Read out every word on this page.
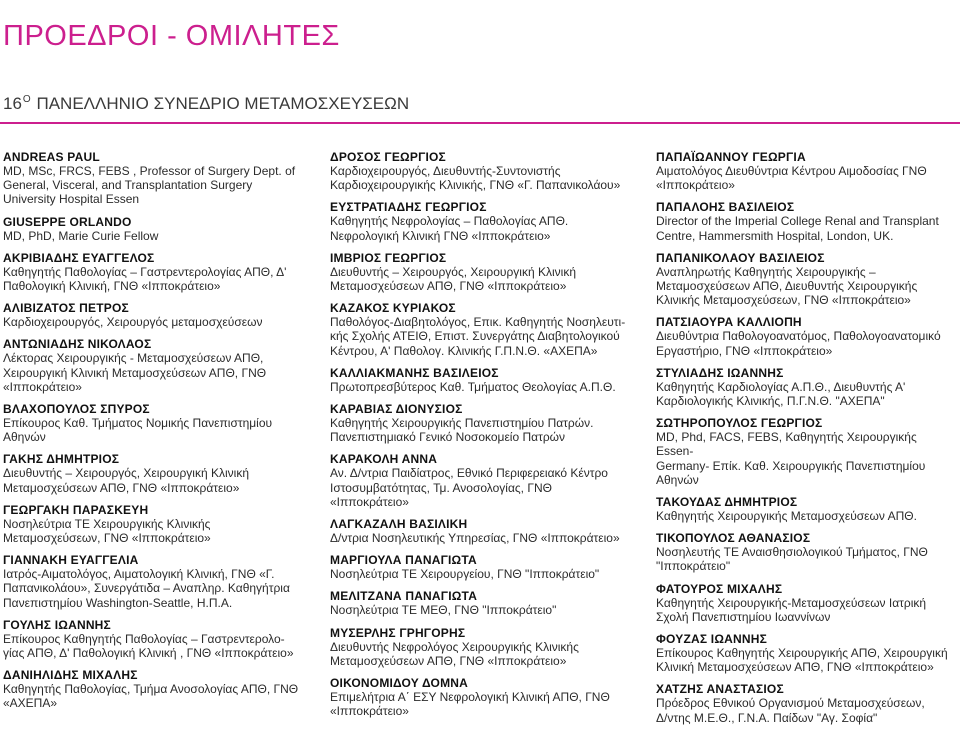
ΠΡΟΕΔΡΟΙ - ΟΜΙΛΗΤΕΣ
$16^O$ ΠΑΝΕΛΛΗΝΙΟ ΣΥΝΕΔΡΙΟ ΜΕΤΑΜΟΣΧΕΥΣΕΩΝ
ANDREAS PAUL
MD, MSc, FRCS, FEBS , Professor of Surgery Dept. of
General, Visceral, and Transplantation Surgery
University Hospital Essen
GIUSEPPE ORLANDO
MD, PhD, Marie Curie Fellow
ΑΚΡΙΒΙΑΔΗΣ ΕΥΑΓΓΕΛΟΣ
Καθηγητής Παθολογίας – Γαστρεντερολογίας ΑΠΘ, Δ'
Παθολογική Κλινική, ΓΝΘ «Ιπποκράτειο»
ΑΛΙΒΙΖΑΤΟΣ ΠΕΤΡΟΣ
Καρδιοχειρουργός, Χειρουργός μεταμοσχεύσεων
ΑΝΤΩΝΙΑΔΗΣ ΝΙΚΟΛΑΟΣ
Λέκτορας Χειρουργικής - Μεταμοσχεύσεων ΑΠΘ,
Χειρουργική Κλινική Μεταμοσχεύσεων ΑΠΘ, ΓΝΘ
«Ιπποκράτειο»
ΒΛΑΧΟΠΟΥΛΟΣ ΣΠΥΡΟΣ
Επίκουρος Καθ. Τμήματος Νομικής Πανεπιστημίου
Αθηνών
ΓΑΚΗΣ ΔΗΜΗΤΡΙΟΣ
Διευθυντής – Χειρουργός, Χειρουργική Κλινική
Μεταμοσχεύσεων ΑΠΘ, ΓΝΘ «Ιπποκράτειο»
ΓΕΩΡΓΑΚΗ ΠΑΡΑΣΚΕΥΗ
Νοσηλεύτρια ΤΕ Χειρουργικής Κλινικής
Μεταμοσχεύσεων, ΓΝΘ «Ιπποκράτειο»
ΓΙΑΝΝΑΚΗ ΕΥΑΓΓΕΛΙΑ
Ιατρός-Αιματολόγος, Αιματολογική Κλινική, ΓΝΘ «Γ.
Παπανικολάου», Συνεργάτιδα – Αναπληρ. Καθηγήτρια
Πανεπιστημίου Washington-Seattle, Η.Π.Α.
ΓΟΥΛΗΣ ΙΩΑΝΝΗΣ
Επίκουρος Καθηγητής Παθολογίας – Γαστρεντερολο-
γίας ΑΠΘ, Δ' Παθολογική Κλινική , ΓΝΘ «Ιπποκράτειο»
ΔΑΝΙΗΛΙΔΗΣ ΜΙΧΑΛΗΣ
Καθηγητής Παθολογίας, Τμήμα Ανοσολογίας ΑΠΘ, ΓΝΘ
«ΑΧΕΠΑ»
ΔΡΟΣΟΣ ΓΕΩΡΓΙΟΣ
Καρδιοχειρουργός, Διευθυντής-Συντονιστής
Καρδιοχειρουργικής Κλινικής, ΓΝΘ «Γ. Παπανικολάου»
ΕΥΣΤΡΑΤΙΑΔΗΣ ΓΕΩΡΓΙΟΣ
Καθηγητής Νεφρολογίας – Παθολογίας ΑΠΘ.
Νεφρολογική Κλινική ΓΝΘ «Ιπποκράτειο»
ΙΜΒΡΙΟΣ ΓΕΩΡΓΙΟΣ
Διευθυντής – Χειρουργός, Χειρουργική Κλινική
Μεταμοσχεύσεων ΑΠΘ, ΓΝΘ «Ιπποκράτειο»
ΚΑΖΑΚΟΣ ΚΥΡΙΑΚΟΣ
Παθολόγος-Διαβητολόγος, Επικ. Καθηγητής Νοσηλευτι-
κής Σχολής ΑΤΕΙΘ, Επιστ. Συνεργάτης Διαβητολογικού
Κέντρου, Α' Παθολογ. Κλινικής Γ.Π.Ν.Θ. «ΑΧΕΠΑ»
ΚΑΛΛΙΑΚΜΑΝΗΣ ΒΑΣΙΛΕΙΟΣ
Πρωτοπρεσβύτερος Καθ. Τμήματος Θεολογίας Α.Π.Θ.
ΚΑΡΑΒΙΑΣ ΔΙΟΝΥΣΙΟΣ
Καθηγητής Χειρουργικής Πανεπιστημίου Πατρών.
Πανεπιστημιακό Γενικό Νοσοκομείο Πατρών
ΚΑΡΑΚΟΛΗ ΑΝΝΑ
Αν. Δ/ντρια Παιδίατρος, Εθνικό Περιφερειακό Κέντρο
Ιστοσυμβατότητας, Τμ. Ανοσολογίας, ΓΝΘ
«Ιπποκράτειο»
ΛΑΓΚΑΖΑΛΗ ΒΑΣΙΛΙΚΗ
Δ/ντρια Νοσηλευτικής Υπηρεσίας, ΓΝΘ «Ιπποκράτειο»
ΜΑΡΓΙΟΥΛΑ ΠΑΝΑΓΙΩΤΑ
Νοσηλεύτρια ΤΕ Χειρουργείου, ΓΝΘ "Ιπποκράτειο"
ΜΕΛΙΤΖΑΝΑ ΠΑΝΑΓΙΩΤΑ
Νοσηλεύτρια ΤΕ ΜΕΘ, ΓΝΘ "Ιπποκράτειο"
ΜΥΣΕΡΛΗΣ ΓΡΗΓΟΡΗΣ
Διευθυντής Νεφρολόγος Χειρουργικής Κλινικής
Μεταμοσχεύσεων ΑΠΘ, ΓΝΘ «Ιπποκράτειο»
ΟΙΚΟΝΟΜΙΔΟΥ ΔΟΜΝΑ
Επιμελήτρια Α΄ ΕΣΥ Νεφρολογική Κλινική ΑΠΘ, ΓΝΘ
«Ιπποκράτειο»
ΠΑΠΑΪΩΑΝΝΟΥ ΓΕΩΡΓΙΑ
Αιματολόγος Διευθύντρια Κέντρου Αιμοδοσίας ΓΝΘ
«Ιπποκράτειο»
ΠΑΠΑΛΟΗΣ ΒΑΣΙΛΕΙΟΣ
Director of the Imperial College Renal and Transplant
Centre, Hammersmith Hospital, London, UK.
ΠΑΠΑΝΙΚΟΛΑΟΥ ΒΑΣΙΛΕΙΟΣ
Αναπληρωτής Καθηγητής Χειρουργικής –
Μεταμοσχεύσεων ΑΠΘ, Διευθυντής Χειρουργικής
Κλινικής Μεταμοσχεύσεων, ΓΝΘ «Ιπποκράτειο»
ΠΑΤΣΙΑΟΥΡΑ ΚΑΛΛΙΟΠΗ
Διευθύντρια Παθολογοανατόμος, Παθολογοανατομικό
Εργαστήριο, ΓΝΘ «Ιπποκράτειο»
ΣΤΥΛΙΑΔΗΣ ΙΩΑΝΝΗΣ
Καθηγητής Καρδιολογίας Α.Π.Θ., Διευθυντής Α'
Καρδιολογικής Κλινικής, Π.Γ.Ν.Θ. "ΑΧΕΠΑ"
ΣΩΤΗΡΟΠΟΥΛΟΣ ΓΕΩΡΓΙΟΣ
MD, Phd, FACS, FEBS, Καθηγητής Χειρουργικής Essen-
Germany- Επίκ. Καθ. Χειρουργικής Πανεπιστημίου
Αθηνών
ΤΑΚΟΥΔΑΣ ΔΗΜΗΤΡΙΟΣ
Καθηγητής Χειρουργικής Μεταμοσχεύσεων ΑΠΘ.
ΤΙΚΟΠΟΥΛΟΣ ΑΘΑΝΑΣΙΟΣ
Νοσηλευτής ΤΕ Αναισθησιολογικού Τμήματος, ΓΝΘ
"Ιπποκράτειο"
ΦΑΤΟΥΡΟΣ ΜΙΧΑΛΗΣ
Καθηγητής Χειρουργικής-Μεταμοσχεύσεων Ιατρική
Σχολή Πανεπιστημίου Ιωαννίνων
ΦΟΥΖΑΣ ΙΩΑΝΝΗΣ
Επίκουρος Καθηγητής Χειρουργικής ΑΠΘ, Χειρουργική
Κλινική Μεταμοσχεύσεων ΑΠΘ, ΓΝΘ «Ιπποκράτειο»
ΧΑΤΖΗΣ ΑΝΑΣΤΑΣΙΟΣ
Πρόεδρος Εθνικού Οργανισμού Μεταμοσχεύσεων,
Δ/ντης Μ.Ε.Θ., Γ.Ν.Α. Παίδων "Αγ. Σοφία"
